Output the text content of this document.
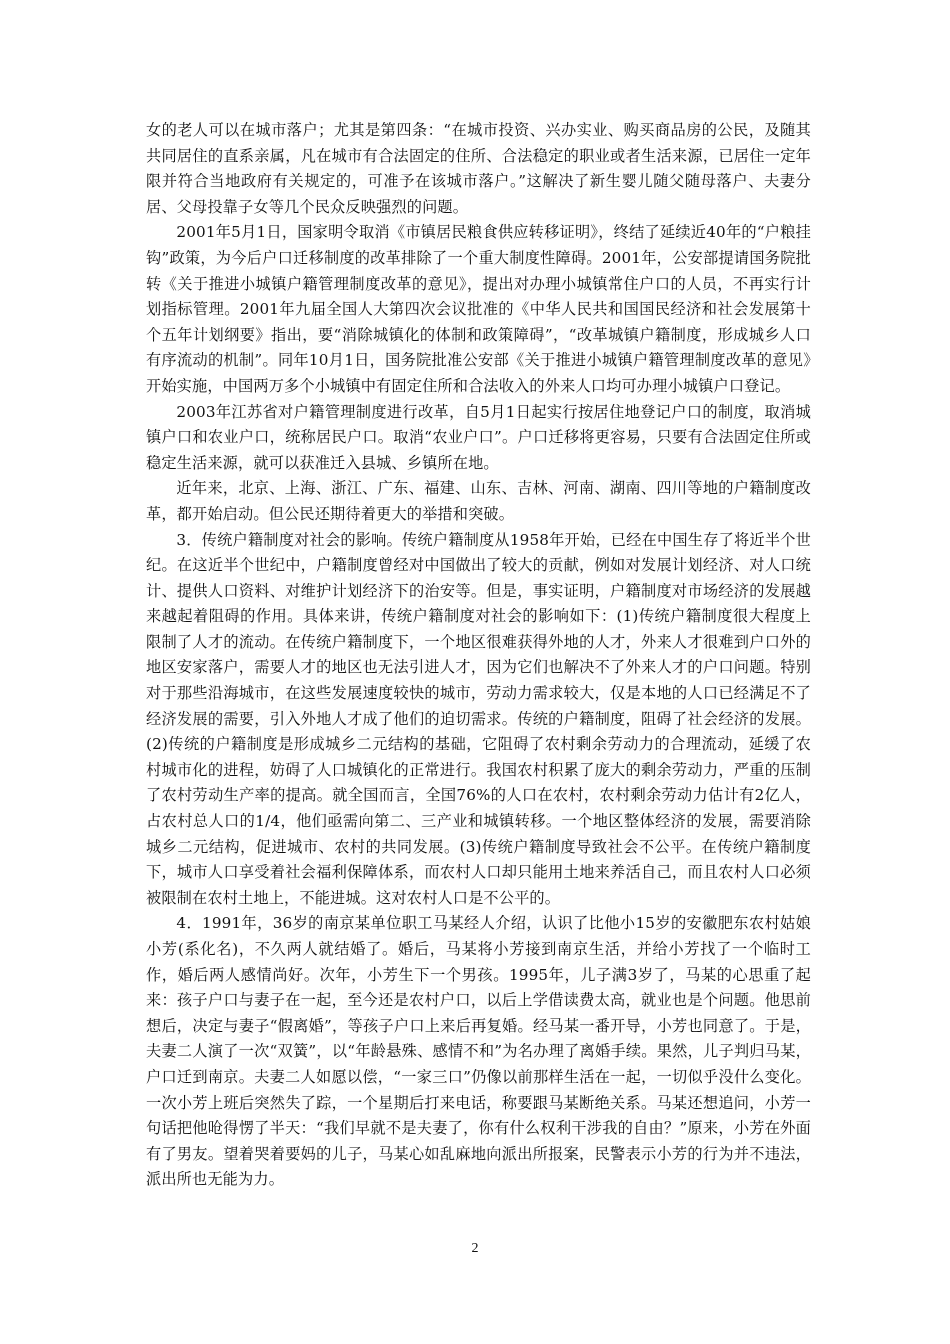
女的老人可以在城市落户；尤其是第四条：“在城市投资、兴办实业、购买商品房的公民，及随其共同居住的直系亲属，凡在城市有合法固定的住所、合法稳定的职业或者生活来源，已居住一定年限并符合当地政府有关规定的，可准予在该城市落户。”这解决了新生婴儿随父随母落户、夫妻分居、父母投靠子女等几个民众反映强烈的问题。

2001年5月1日，国家明令取消《市镇居民粮食供应转移证明》，终结了延续近40年的“户粮挂钩”政策，为今后户口迁移制度的改革排除了一个重大制度性障碍。2001年，公安部提请国务院批转《关于推进小城镇户籍管理制度改革的意见》，提出对办理小城镇常住户口的人员，不再实行计划指标管理。2001年九届全国人大第四次会议批准的《中华人民共和国国民经济和社会发展第十个五年计划纲要》指出，要“消除城镇化的体制和政策障碍”，“改革城镇户籍制度，形成城乡人口有序流动的机制”。同年10月1日，国务院批准公安部《关于推进小城镇户籍管理制度改革的意见》开始实施，中国两万多个小城镇中有固定住所和合法收入的外来人口均可办理小城镇户口登记。

2003年江苏省对户籍管理制度进行改革，自5月1日起实行按居住地登记户口的制度，取消城镇户口和农业户口，统称居民户口。取消“农业户口”。户口迁移将更容易，只要有合法固定住所或稳定生活来源，就可以获准迁入县城、乡镇所在地。

近年来，北京、上海、浙江、广东、福建、山东、吉林、河南、湖南、四川等地的户籍制度改革，都开始启动。但公民还期待着更大的举措和突破。

3．传统户籍制度对社会的影响。传统户籍制度从1958年开始，已经在中国生存了将近半个世纪。在这近半个世纪中，户籍制度曾经对中国做出了较大的贡献，例如对发展计划经济、对人口统计、提供人口资料、对维护计划经济下的治安等。但是，事实证明，户籍制度对市场经济的发展越来越起着阻碍的作用。具体来讲，传统户籍制度对社会的影响如下：(1)传统户籍制度很大程度上限制了人才的流动。在传统户籍制度下，一个地区很难获得外地的人才，外来人才很难到户口外的地区安家落户，需要人才的地区也无法引进人才，因为它们也解决不了外来人才的户口问题。特别对于那些沿海城市，在这些发展速度较快的城市，劳动力需求较大，仅是本地的人口已经满足不了经济发展的需要，引入外地人才成了他们的迫切需求。传统的户籍制度，阻碍了社会经济的发展。(2)传统的户籍制度是形成城乡二元结构的基础，它阻碍了农村剩余劳动力的合理流动，延缓了农村城市化的进程，妨碍了人口城镇化的正常进行。我国农村积累了庞大的剩余劳动力，严重的压制了农村劳动生产率的提高。就全国而言，全国76%的人口在农村，农村剩余劳动力估计有2亿人，占农村总人口的1/4，他们亟需向第二、三产业和城镇转移。一个地区整体经济的发展，需要消除城乡二元结构，促进城市、农村的共同发展。(3)传统户籍制度导致社会不公平。在传统户籍制度下，城市人口享受着社会福利保障体系，而农村人口却只能用土地来养活自己，而且农村人口必须被限制在农村土地上，不能进城。这对农村人口是不公平的。

4．1991年，36岁的南京某单位职工马某经人介绍，认识了比他小15岁的安徽肥东农村姑娘小芳(系化名)，不久两人就结婚了。婚后，马某将小芳接到南京生活，并给小芳找了一个临时工作，婚后两人感情尚好。次年，小芳生下一个男孩。1995年，儿子满3岁了，马某的心思重了起来：孩子户口与妻子在一起，至今还是农村户口，以后上学借读费太高，就业也是个问题。他思前想后，决定与妻子“假离婚”，等孩子户口上来后再复婚。经马某一番开导，小芳也同意了。于是，夫妻二人演了一次“双簧”，以“年龄悬殊、感情不和”为名办理了离婚手续。果然，儿子判归马某，户口迁到南京。夫妻二人如愿以偿，“一家三口”仍像以前那样生活在一起，一切似乎没什么变化。一次小芳上班后突然失了踪，一个星期后打来电话，称要跟马某断绝关系。马某还想追问，小芳一句话把他呛得愣了半天：“我们早就不是夫妻了，你有什么权利干涉我的自由？”原来，小芳在外面有了男友。望着哭着要妈的儿子，马某心如乱麻地向派出所报案，民警表示小芳的行为并不违法，派出所也无能为力。

2
